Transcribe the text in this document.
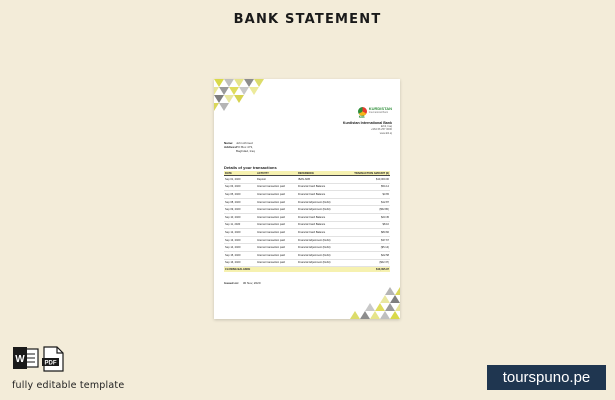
BANK STATEMENT
KIB
KURDISTAN
International Bank
Kurdistan International Bank
Erbil, Iraq
+964 66 257 0000
www.kib.iq
Name: John Ahmed
Address:
PO Box 473,
Baghdad, Iraq
Details of your transactions
DATE	ACTIVITY	REFERENCE	TRANSACTION AMOUNT (€)
Sep 01, 2020	Deposit	IBAN ADB	$10,000.00
Sep 03, 2020	Internet transaction paid	Financial Cash Balance	$54.14
Sep 05, 2020	Internet transaction paid	Financial Cash Balance	$3.65
Sep 08, 2020	Internet transaction paid	Financial Adjustment (Debit)	$12.87
Sep 09, 2020	Internet transaction paid	Financial Adjustment (Debit)	($52.80)
Sep 10, 2020	Internet transaction paid	Financial Cash Balance	$23.45
Sep 11, 2020	Internet transaction paid	Financial Cash Balance	$8.10
Sep 12, 2020	Internet transaction paid	Financial Cash Balance	$83.82
Sep 13, 2020	Internet transaction paid	Financial Adjustment (Debit)	$37.67
Sep 14, 2020	Internet transaction paid	Financial Adjustment (Debit)	($5.14)
Sep 15, 2020	Internet transaction paid	Financial Adjustment (Debit)	$22.58
Sep 16, 2020	Internet transaction paid	Financial Adjustment (Debit)	($62.37)
CLOSING BALANCE	$10,095.97
Issued on: 30 Nov, 2020
W	PDF
fully editable template	tourspuno.pe
